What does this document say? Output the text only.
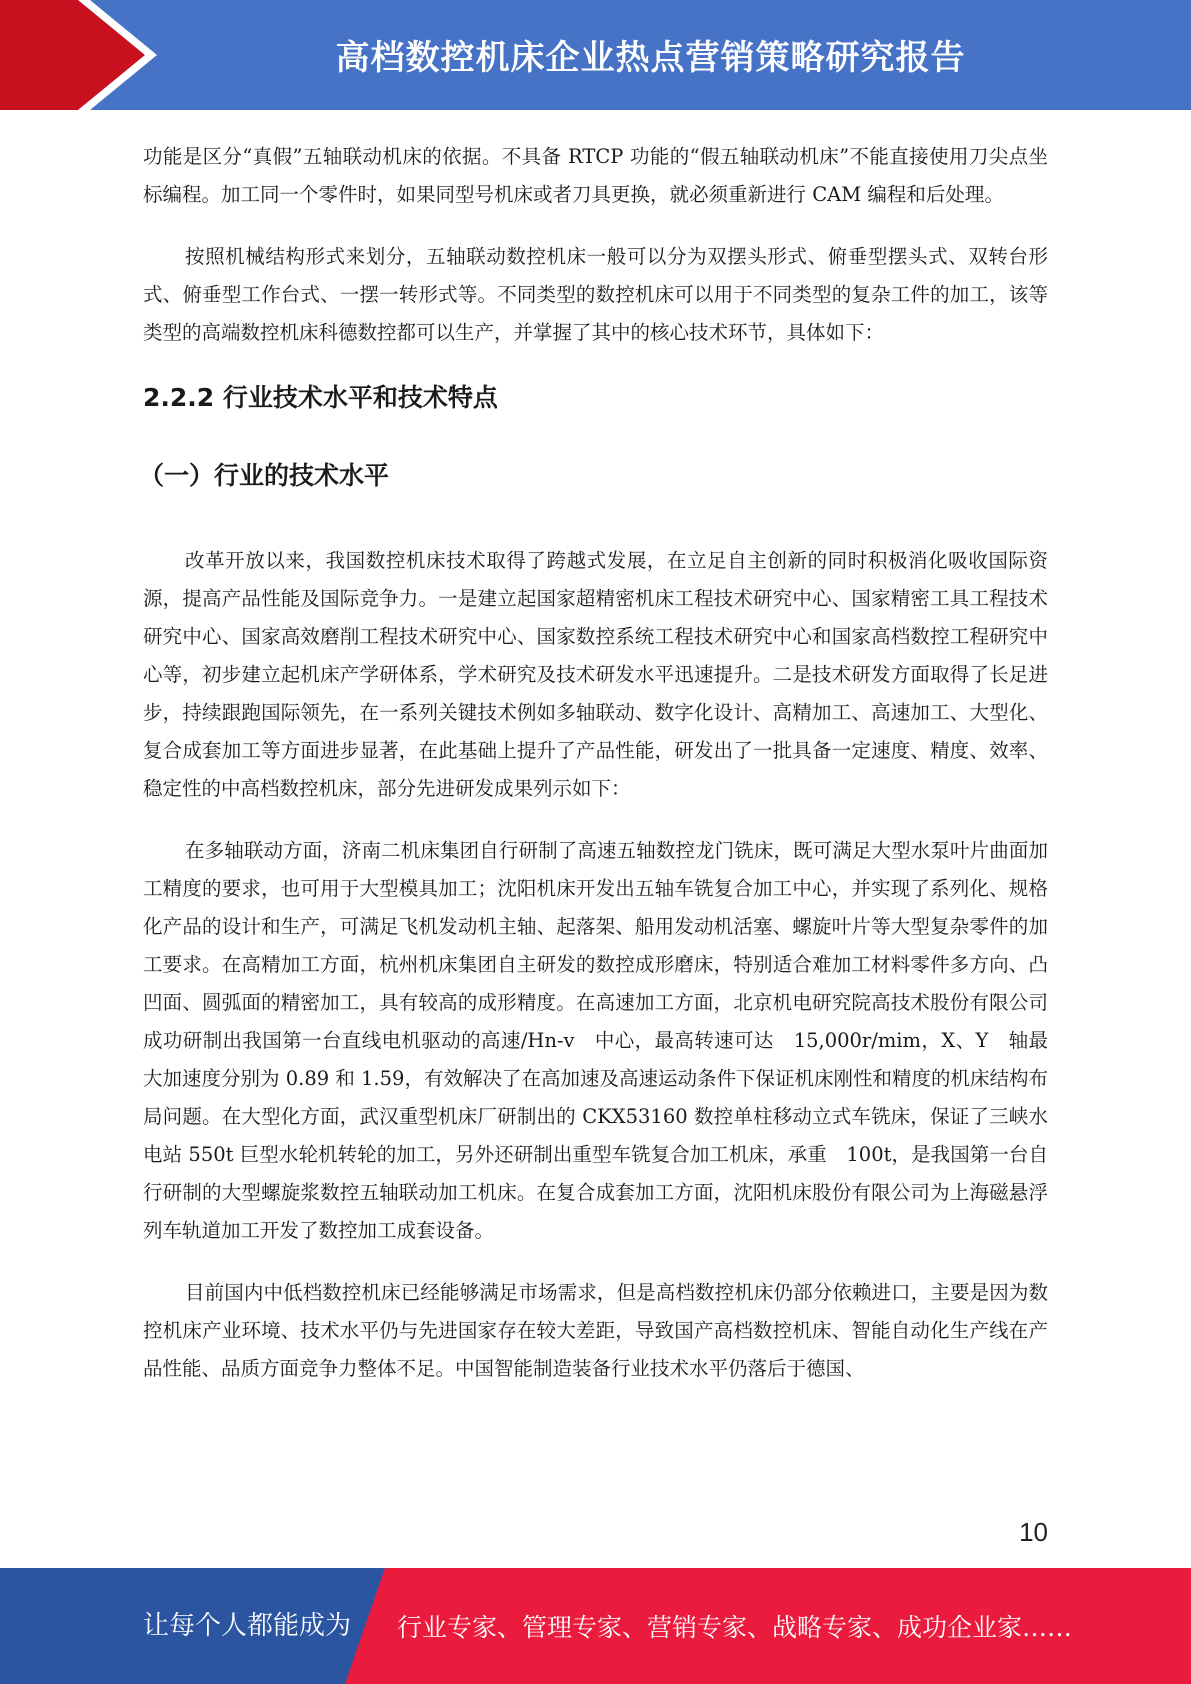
高档数控机床企业热点营销策略研究报告

功能是区分“真假”五轴联动机床的依据。不具备 RTCP 功能的“假五轴联动机床”不能直接使用刀尖点坐标编程。加工同一个零件时，如果同型号机床或者刀具更换，就必须重新进行 CAM 编程和后处理。

按照机械结构形式来划分，五轴联动数控机床一般可以分为双摆头形式、俯垂型摆头式、双转台形式、俯垂型工作台式、一摆一转形式等。不同类型的数控机床可以用于不同类型的复杂工件的加工，该等类型的高端数控机床科德数控都可以生产，并掌握了其中的核心技术环节，具体如下：

2.2.2 行业技术水平和技术特点
（一）行业的技术水平

改革开放以来，我国数控机床技术取得了跨越式发展，在立足自主创新的同时积极消化吸收国际资源，提高产品性能及国际竞争力。一是建立起国家超精密机床工程技术研究中心、国家精密工具工程技术研究中心、国家高效磨削工程技术研究中心、国家数控系统工程技术研究中心和国家高档数控工程研究中心等，初步建立起机床产学研体系，学术研究及技术研发水平迅速提升。二是技术研发方面取得了长足进步，持续跟跑国际领先，在一系列关键技术例如多轴联动、数字化设计、高精加工、高速加工、大型化、复合成套加工等方面进步显著，在此基础上提升了产品性能，研发出了一批具备一定速度、精度、效率、稳定性的中高档数控机床，部分先进研发成果列示如下：

在多轴联动方面，济南二机床集团自行研制了高速五轴数控龙门铣床，既可满足大型水泵叶片曲面加工精度的要求，也可用于大型模具加工；沈阳机床开发出五轴车铣复合加工中心，并实现了系列化、规格化产品的设计和生产，可满足飞机发动机主轴、起落架、船用发动机活塞、螺旋叶片等大型复杂零件的加工要求。在高精加工方面，杭州机床集团自主研发的数控成形磨床，特别适合难加工材料零件多方向、凸凹面、圆弧面的精密加工，具有较高的成形精度。在高速加工方面，北京机电研究院高技术股份有限公司成功研制出我国第一台直线电机驱动的高速/Hn-v　中心，最高转速可达　15,000r/mim，X、Y　轴最大加速度分别为 0.89 和 1.59，有效解决了在高加速及高速运动条件下保证机床刚性和精度的机床结构布局问题。在大型化方面，武汉重型机床厂研制出的 CKX53160 数控单柱移动立式车铣床，保证了三峡水电站 550t 巨型水轮机转轮的加工，另外还研制出重型车铣复合加工机床，承重　100t，是我国第一台自行研制的大型螺旋浆数控五轴联动加工机床。在复合成套加工方面，沈阳机床股份有限公司为上海磁悬浮列车轨道加工开发了数控加工成套设备。

目前国内中低档数控机床已经能够满足市场需求，但是高档数控机床仍部分依赖进口，主要是因为数控机床产业环境、技术水平仍与先进国家存在较大差距，导致国产高档数控机床、智能自动化生产线在产品性能、品质方面竞争力整体不足。中国智能制造装备行业技术水平仍落后于德国、

10
让每个人都能成为 行业专家、管理专家、营销专家、战略专家、成功企业家……
